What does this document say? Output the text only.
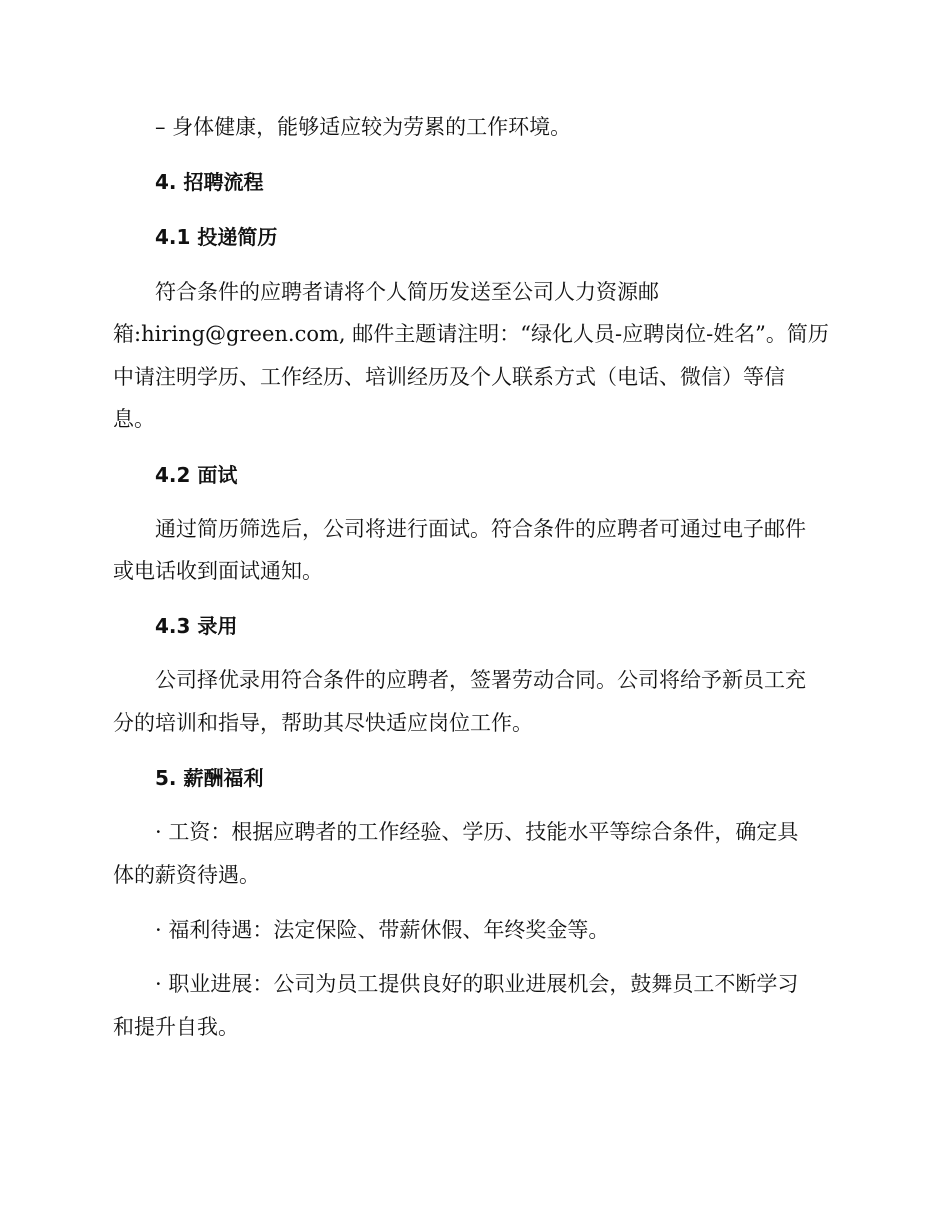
– 身体健康，能够适应较为劳累的工作环境。
4. 招聘流程
4.1 投递简历
符合条件的应聘者请将个人简历发送至公司人力资源邮
箱:hiring@green.com, 邮件主题请注明：“绿化人员-应聘岗位-姓名”。简历
中请注明学历、工作经历、培训经历及个人联系方式（电话、微信）等信
息。
4.2 面试
通过简历筛选后，公司将进行面试。符合条件的应聘者可通过电子邮件
或电话收到面试通知。
4.3 录用
公司择优录用符合条件的应聘者，签署劳动合同。公司将给予新员工充
分的培训和指导，帮助其尽快适应岗位工作。
5. 薪酬福利
· 工资：根据应聘者的工作经验、学历、技能水平等综合条件，确定具
体的薪资待遇。
· 福利待遇：法定保险、带薪休假、年终奖金等。
· 职业进展：公司为员工提供良好的职业进展机会，鼓舞员工不断学习
和提升自我。
